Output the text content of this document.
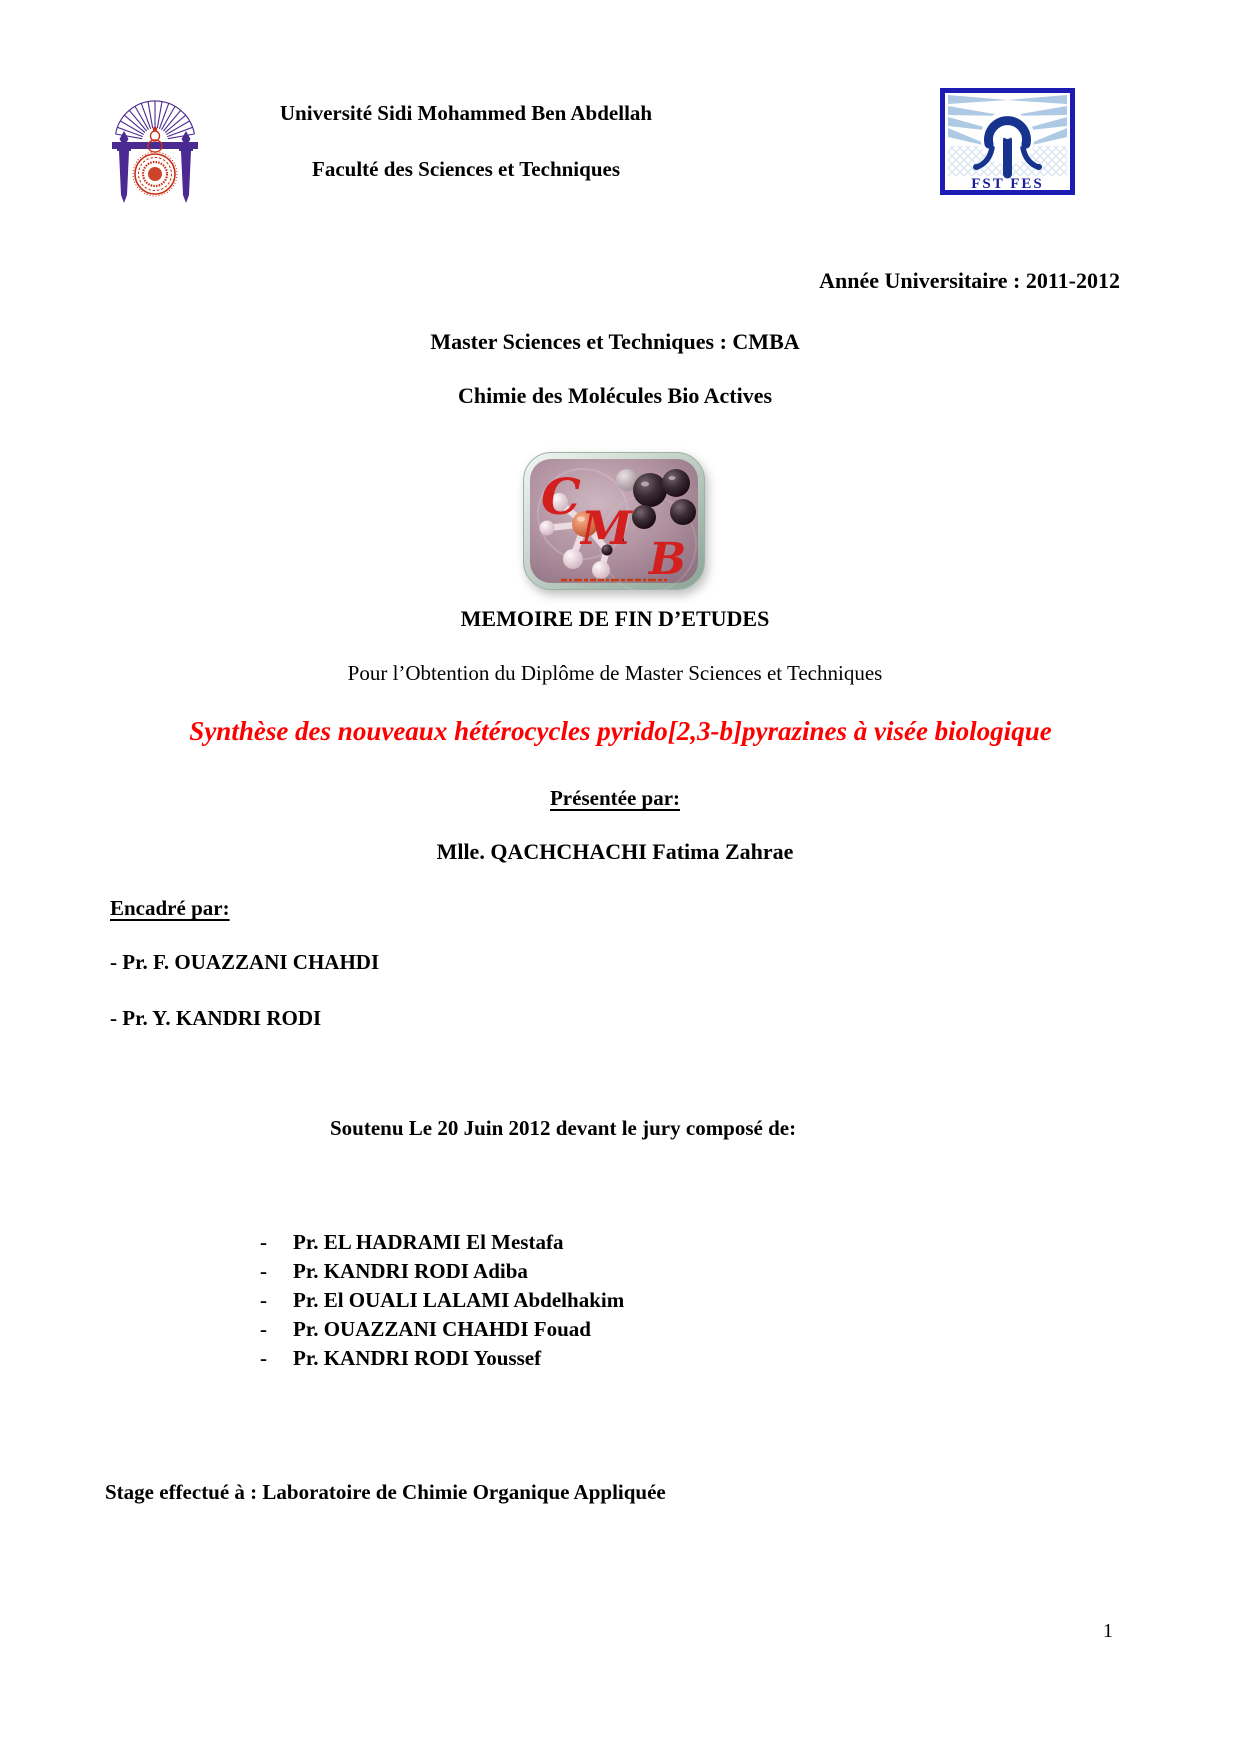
Université Sidi Mohammed Ben Abdellah
Faculté des Sciences et Techniques
FST FES
Année Universitaire : 2011-2012
Master Sciences et Techniques : CMBA
Chimie des Molécules Bio Actives
C
M
B
MEMOIRE DE FIN D’ETUDES
Pour l’Obtention du Diplôme de Master Sciences et Techniques
Synthèse des nouveaux hétérocycles pyrido[2,3-b]pyrazines à visée biologique
Présentée par:
Mlle. QACHCHACHI Fatima Zahrae
Encadré par:
- Pr. F. OUAZZANI CHAHDI
- Pr. Y. KANDRI RODI
Soutenu Le 20 Juin 2012 devant le jury composé de:
- Pr. EL HADRAMI El Mestafa
- Pr. KANDRI RODI Adiba
- Pr. El OUALI LALAMI Abdelhakim
- Pr. OUAZZANI CHAHDI Fouad
- Pr. KANDRI RODI Youssef
Stage effectué à : Laboratoire de Chimie Organique Appliquée
1
